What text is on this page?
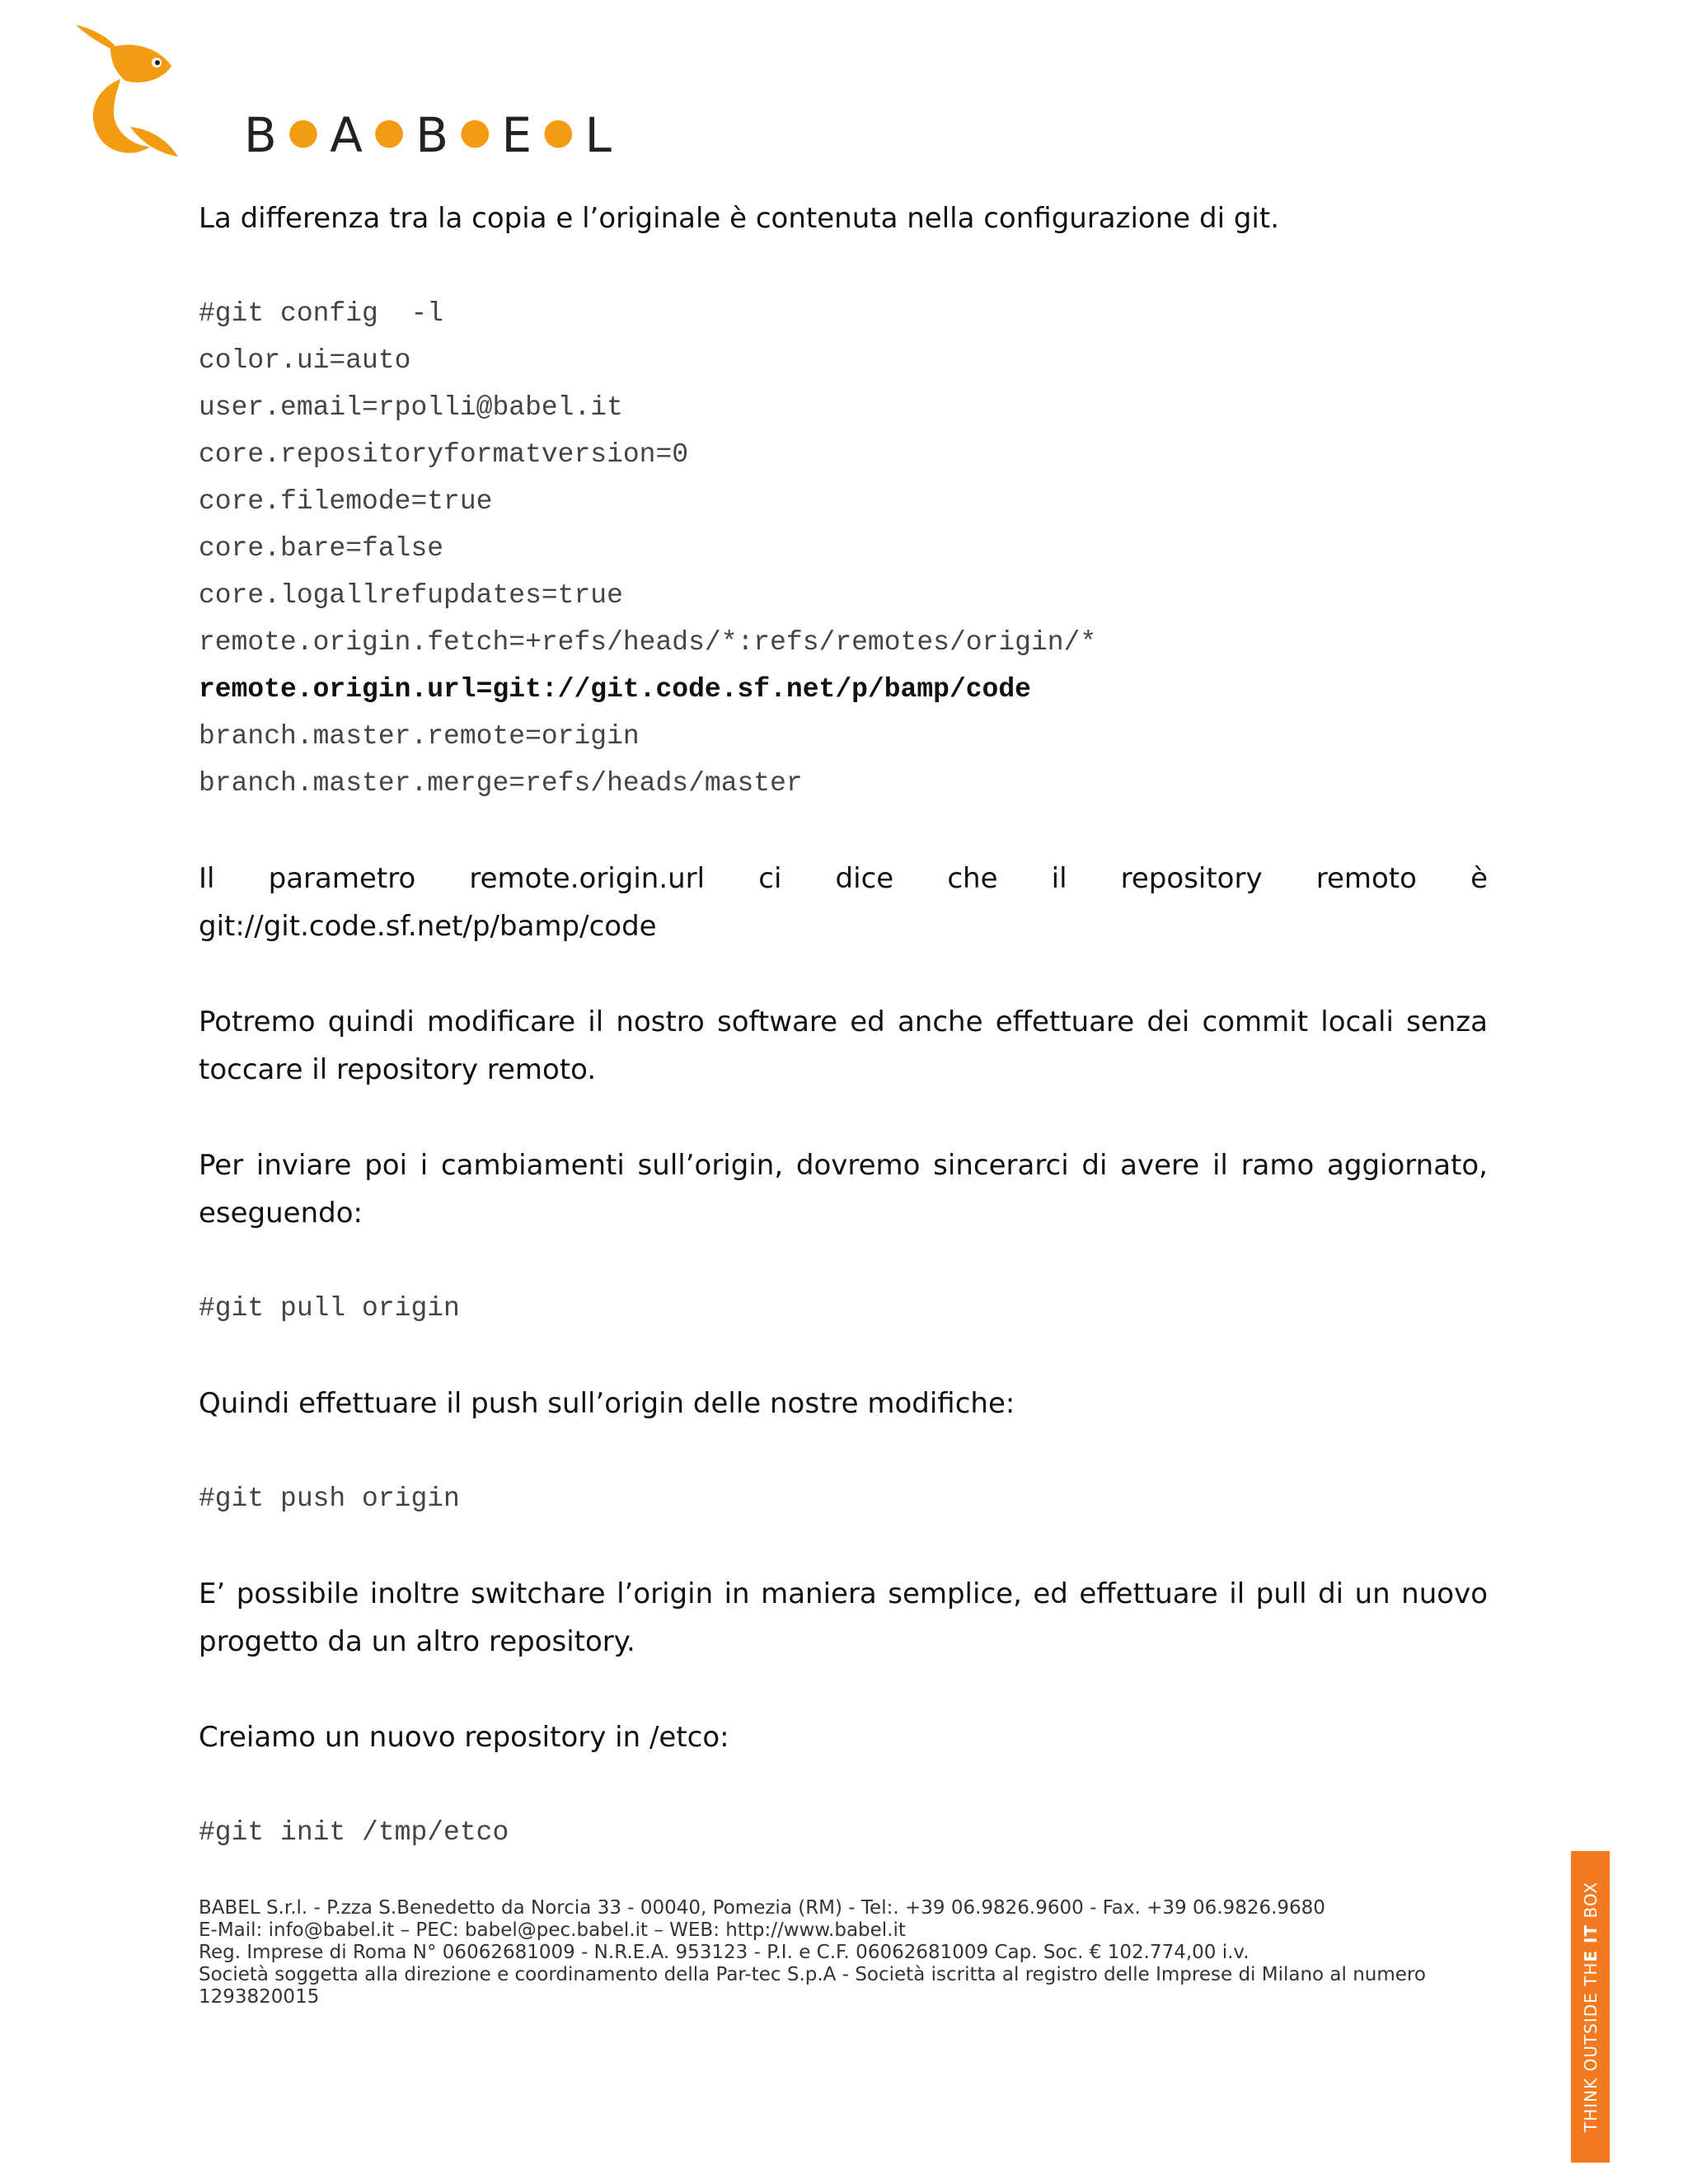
B ● A ● B ● E ● L

La differenza tra la copia e l’originale è contenuta nella configurazione di git.

#git config  -l
color.ui=auto
user.email=rpolli@babel.it
core.repositoryformatversion=0
core.filemode=true
core.bare=false
core.logallrefupdates=true
remote.origin.fetch=+refs/heads/*:refs/remotes/origin/*
remote.origin.url=git://git.code.sf.net/p/bamp/code
branch.master.remote=origin
branch.master.merge=refs/heads/master

Il parametro remote.origin.url ci dice che il repository remoto è git://git.code.sf.net/p/bamp/code

Potremo quindi modificare il nostro software ed anche effettuare dei commit locali senza toccare il repository remoto.

Per inviare poi i cambiamenti sull’origin, dovremo sincerarci di avere il ramo aggiornato, eseguendo:

#git pull origin

Quindi effettuare il push sull’origin delle nostre modifiche:

#git push origin

E’ possibile inoltre switchare l’origin in maniera semplice, ed effettuare il pull di un nuovo progetto da un altro repository.

Creiamo un nuovo repository in /etco:

#git init /tmp/etco
BABEL S.r.l. - P.zza S.Benedetto da Norcia 33 - 00040, Pomezia (RM) - Tel:. +39 06.9826.9600 - Fax. +39 06.9826.9680
E-Mail: info@babel.it – PEC: babel@pec.babel.it – WEB: http://www.babel.it
Reg. Imprese di Roma N° 06062681009 - N.R.E.A. 953123 - P.I. e C.F. 06062681009 Cap. Soc. € 102.774,00 i.v.
Società soggetta alla direzione e coordinamento della Par-tec S.p.A - Società iscritta al registro delle Imprese di Milano al numero
1293820015	THINK OUTSIDE THE IT BOX
